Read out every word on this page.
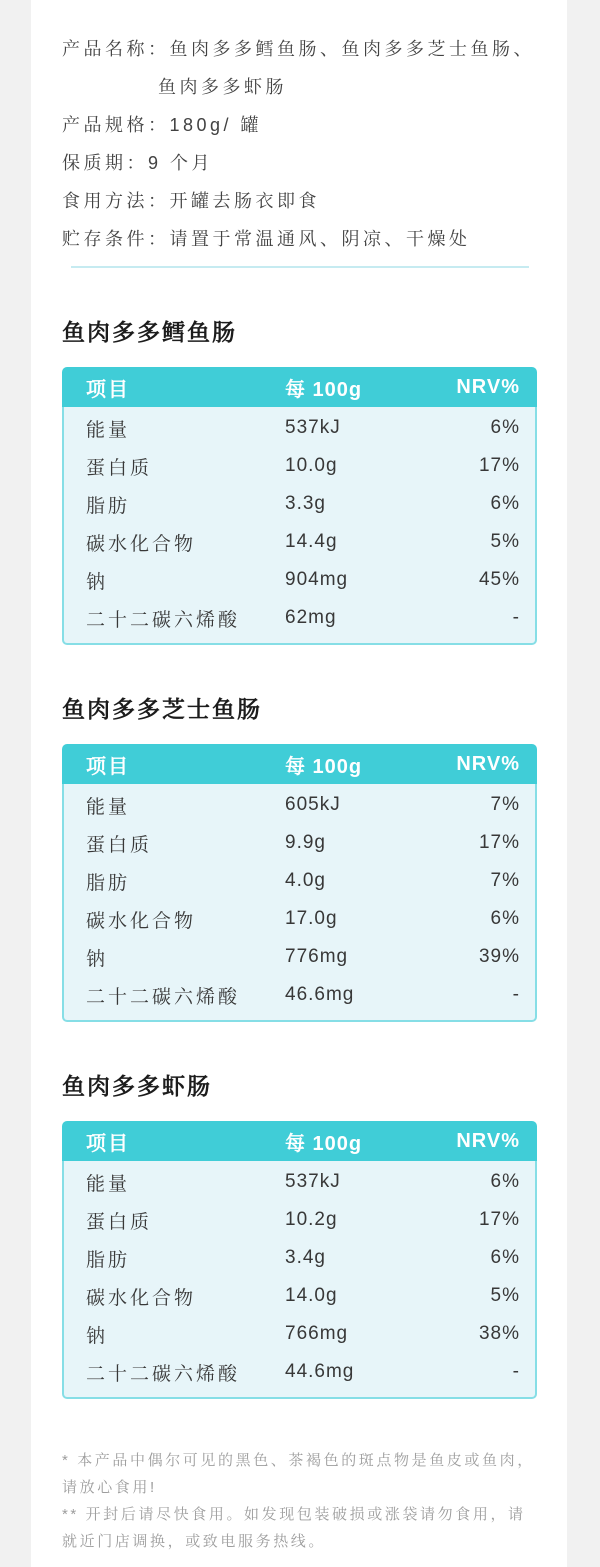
产品名称：鱼肉多多鳕鱼肠、鱼肉多多芝士鱼肠、鱼肉多多虾肠
产品规格：180g/ 罐
保质期：9 个月
食用方法：开罐去肠衣即食
贮存条件：请置于常温通风、阴凉、干燥处
鱼肉多多鳕鱼肠
项目	每 100g	NRV%
能量	537kJ	6%
蛋白质	10.0g	17%
脂肪	3.3g	6%
碳水化合物	14.4g	5%
钠	904mg	45%
二十二碳六烯酸	62mg	-
鱼肉多多芝士鱼肠
项目	每 100g	NRV%
能量	605kJ	7%
蛋白质	9.9g	17%
脂肪	4.0g	7%
碳水化合物	17.0g	6%
钠	776mg	39%
二十二碳六烯酸	46.6mg	-
鱼肉多多虾肠
项目	每 100g	NRV%
能量	537kJ	6%
蛋白质	10.2g	17%
脂肪	3.4g	6%
碳水化合物	14.0g	5%
钠	766mg	38%
二十二碳六烯酸	44.6mg	-

* 本产品中偶尔可见的黑色、茶褐色的斑点物是鱼皮或鱼肉，请放心食用!

** 开封后请尽快食用。如发现包装破损或涨袋请勿食用，请就近门店调换，或致电服务热线。
